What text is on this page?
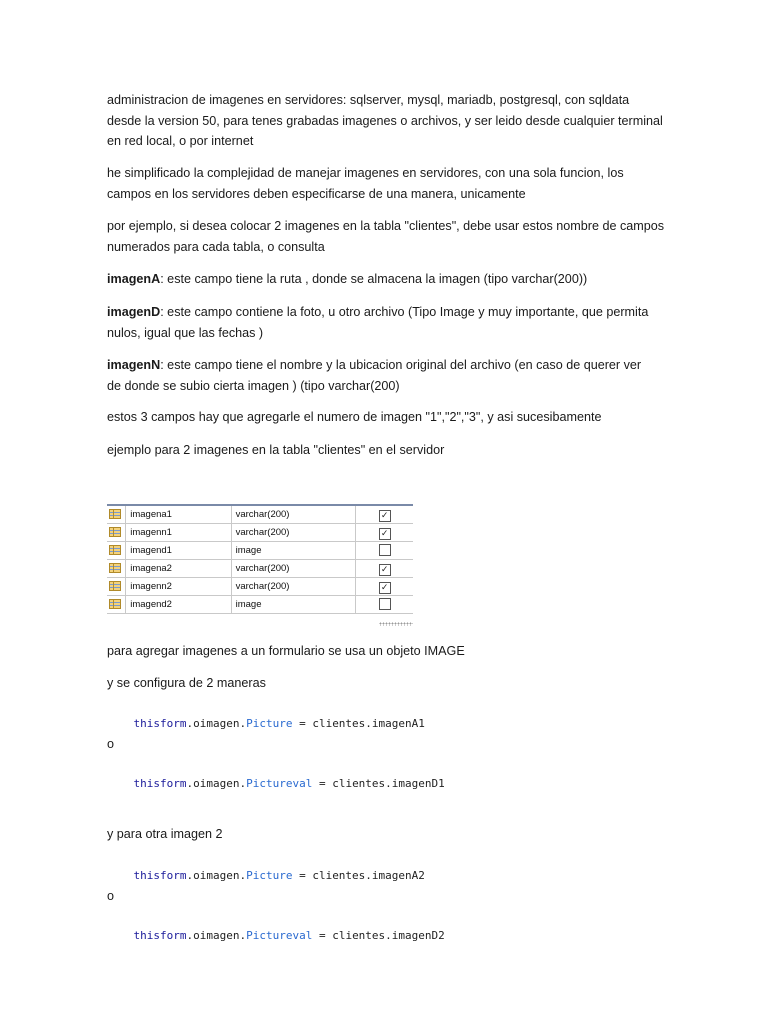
administracion de imagenes en servidores: sqlserver, mysql, mariadb, postgresql, con sqldata
desde la version 50, para tenes grabadas imagenes o archivos, y ser leido desde cualquier terminal
en red local, o por internet

he simplificado la complejidad de manejar imagenes en servidores, con una sola funcion, los
campos en los servidores deben especificarse de una manera, unicamente

por ejemplo, si desea colocar 2 imagenes en la tabla "clientes", debe usar estos nombre de campos
numerados para cada tabla, o consulta

imagenA: este campo tiene la ruta , donde se almacena la imagen (tipo varchar(200))

imagenD: este campo contiene la foto, u otro archivo (Tipo Image y muy importante, que permita
nulos, igual que las fechas )

imagenN: este campo tiene el nombre y la ubicacion original del archivo (en caso de querer ver
de donde se subio cierta imagen ) (tipo varchar(200)

estos 3 campos hay que agregarle el numero de imagen "1","2","3", y asi sucesibamente

ejemplo para 2 imagenes en la tabla "clientes" en el servidor

	imagena1	varchar(200)	✓
	imagenn1	varchar(200)	✓
	imagend1	image	
	imagena2	varchar(200)	✓
	imagenn2	varchar(200)	✓
	imagend2	image	

para agregar imagenes a un formulario se usa un objeto IMAGE

y se configura de 2 maneras

thisform.oimagen.Picture = clientes.imagenA1

o

thisform.oimagen.Pictureval = clientes.imagenD1

y para otra imagen 2

thisform.oimagen.Picture = clientes.imagenA2

o

thisform.oimagen.Pictureval = clientes.imagenD2
